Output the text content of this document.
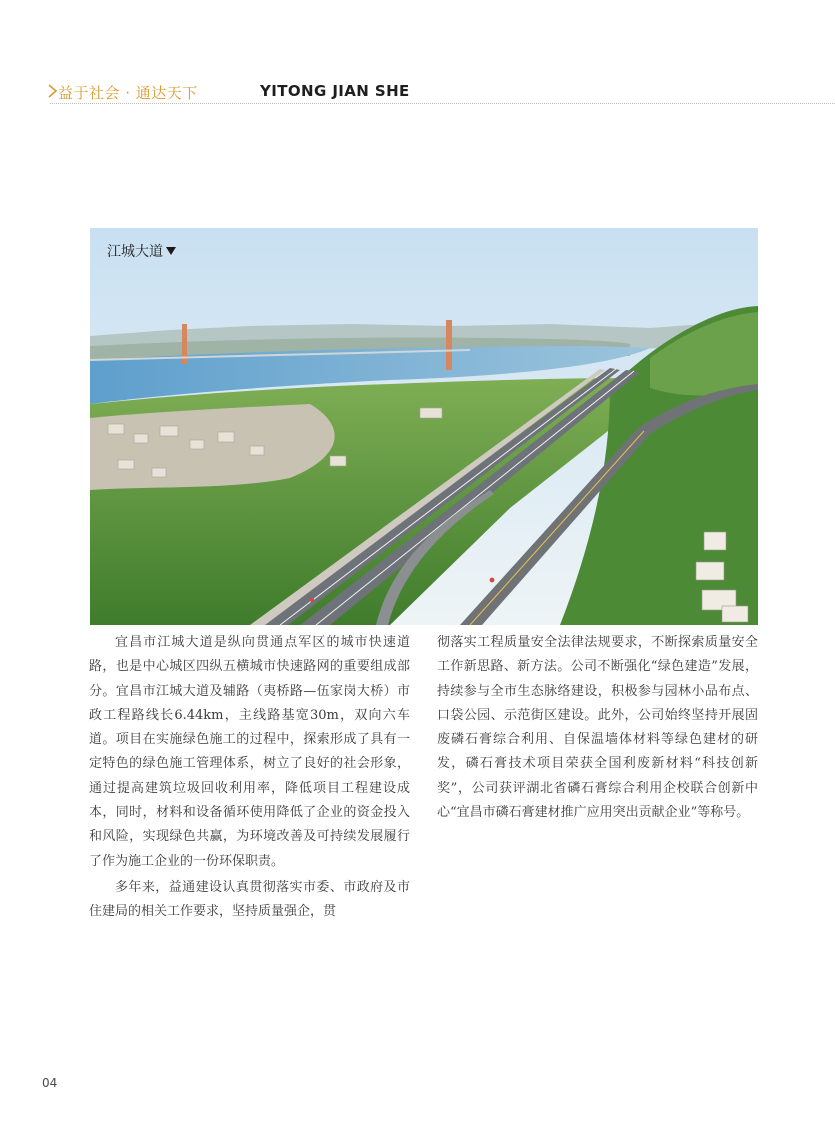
益于社会 · 通达天下	YITONG JIAN SHE
江城大道

宜昌市江城大道是纵向贯通点军区的城市快速道路，也是中心城区四纵五横城市快速路网的重要组成部分。宜昌市江城大道及辅路（夷桥路—伍家岗大桥）市政工程路线长6.44km，主线路基宽30m，双向六车道。项目在实施绿色施工的过程中，探索形成了具有一定特色的绿色施工管理体系，树立了良好的社会形象，通过提高建筑垃圾回收利用率，降低项目工程建设成本，同时，材料和设备循环使用降低了企业的资金投入和风险，实现绿色共赢，为环境改善及可持续发展履行了作为施工企业的一份环保职责。

多年来，益通建设认真贯彻落实市委、市政府及市住建局的相关工作要求，坚持质量强企，贯

彻落实工程质量安全法律法规要求，不断探索质量安全工作新思路、新方法。公司不断强化“绿色建造”发展，持续参与全市生态脉络建设，积极参与园林小品布点、口袋公园、示范街区建设。此外，公司始终坚持开展固废磷石膏综合利用、自保温墙体材料等绿色建材的研发，磷石膏技术项目荣获全国利废新材料“科技创新奖”，公司获评湖北省磷石膏综合利用企校联合创新中心“宜昌市磷石膏建材推广应用突出贡献企业”等称号。

04
